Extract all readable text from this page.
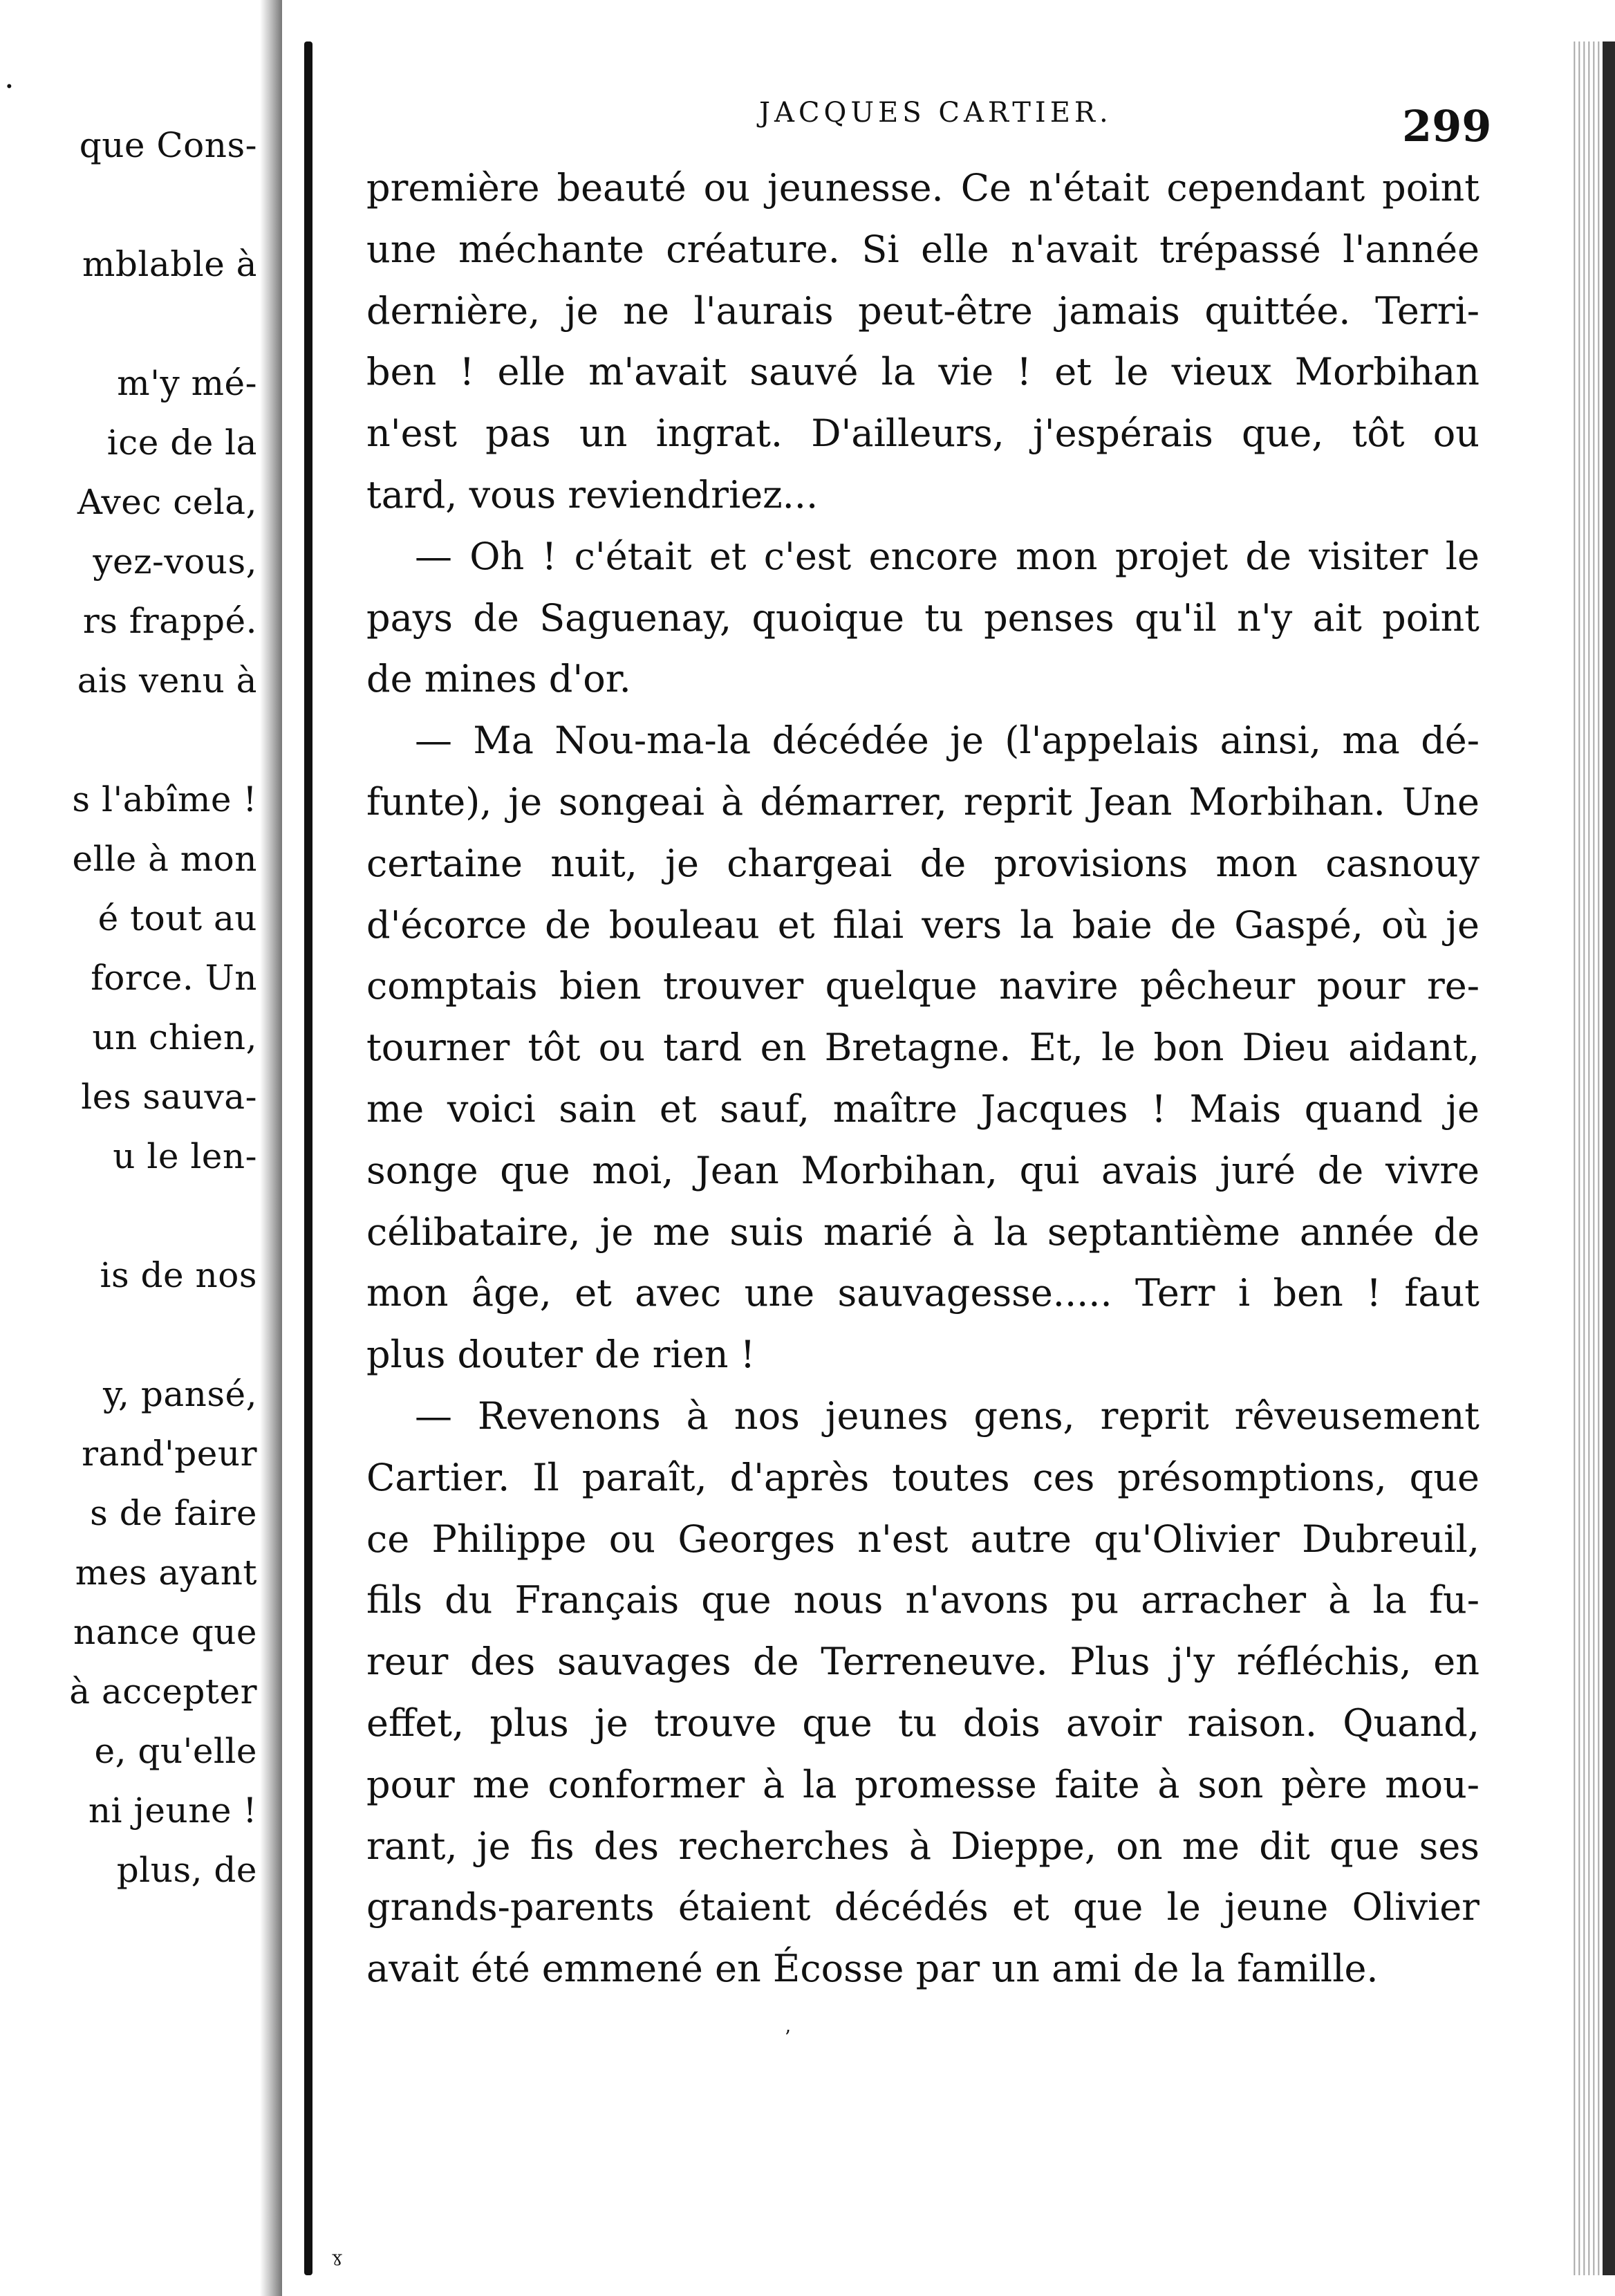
.
que Cons-
mblable à
m'y mé-
ice de la
Avec cela,
yez-vous,
rs frappé.
ais venu à
s l'abîme !
elle à mon
é tout au
force. Un
un chien,
les sauva-
u le len-
is de nos
y, pansé,
rand'peur
s de faire
mes ayant
nance que
à accepter
e, qu'elle
ni jeune !
plus, de
JACQUES CARTIER.	299
première beauté ou jeunesse. Ce n'était cependant point
une méchante créature. Si elle n'avait trépassé l'année
dernière, je ne l'aurais peut-être jamais quittée. Terri-
ben ! elle m'avait sauvé la vie ! et le vieux Morbihan
n'est pas un ingrat. D'ailleurs, j'espérais que, tôt ou
tard, vous reviendriez...
— Oh ! c'était et c'est encore mon projet de visiter le
pays de Saguenay, quoique tu penses qu'il n'y ait point
de mines d'or.
— Ma Nou-ma-la décédée je (l'appelais ainsi, ma dé-
funte), je songeai à démarrer, reprit Jean Morbihan. Une
certaine nuit, je chargeai de provisions mon casnouy
d'écorce de bouleau et filai vers la baie de Gaspé, où je
comptais bien trouver quelque navire pêcheur pour re-
tourner tôt ou tard en Bretagne. Et, le bon Dieu aidant,
me voici sain et sauf, maître Jacques ! Mais quand je
songe que moi, Jean Morbihan, qui avais juré de vivre
célibataire, je me suis marié à la septantième année de
mon âge, et avec une sauvagesse..... Terr i ben ! faut
plus douter de rien !
— Revenons à nos jeunes gens, reprit rêveusement
Cartier. Il paraît, d'après toutes ces présomptions, que
ce Philippe ou Georges n'est autre qu'Olivier Dubreuil,
fils du Français que nous n'avons pu arracher à la fu-
reur des sauvages de Terreneuve. Plus j'y réfléchis, en
effet, plus je trouve que tu dois avoir raison. Quand,
pour me conformer à la promesse faite à son père mou-
rant, je fis des recherches à Dieppe, on me dit que ses
grands-parents étaient décédés et que le jeune Olivier
avait été emmené en Écosse par un ami de la famille.
ʼ
ˠ
